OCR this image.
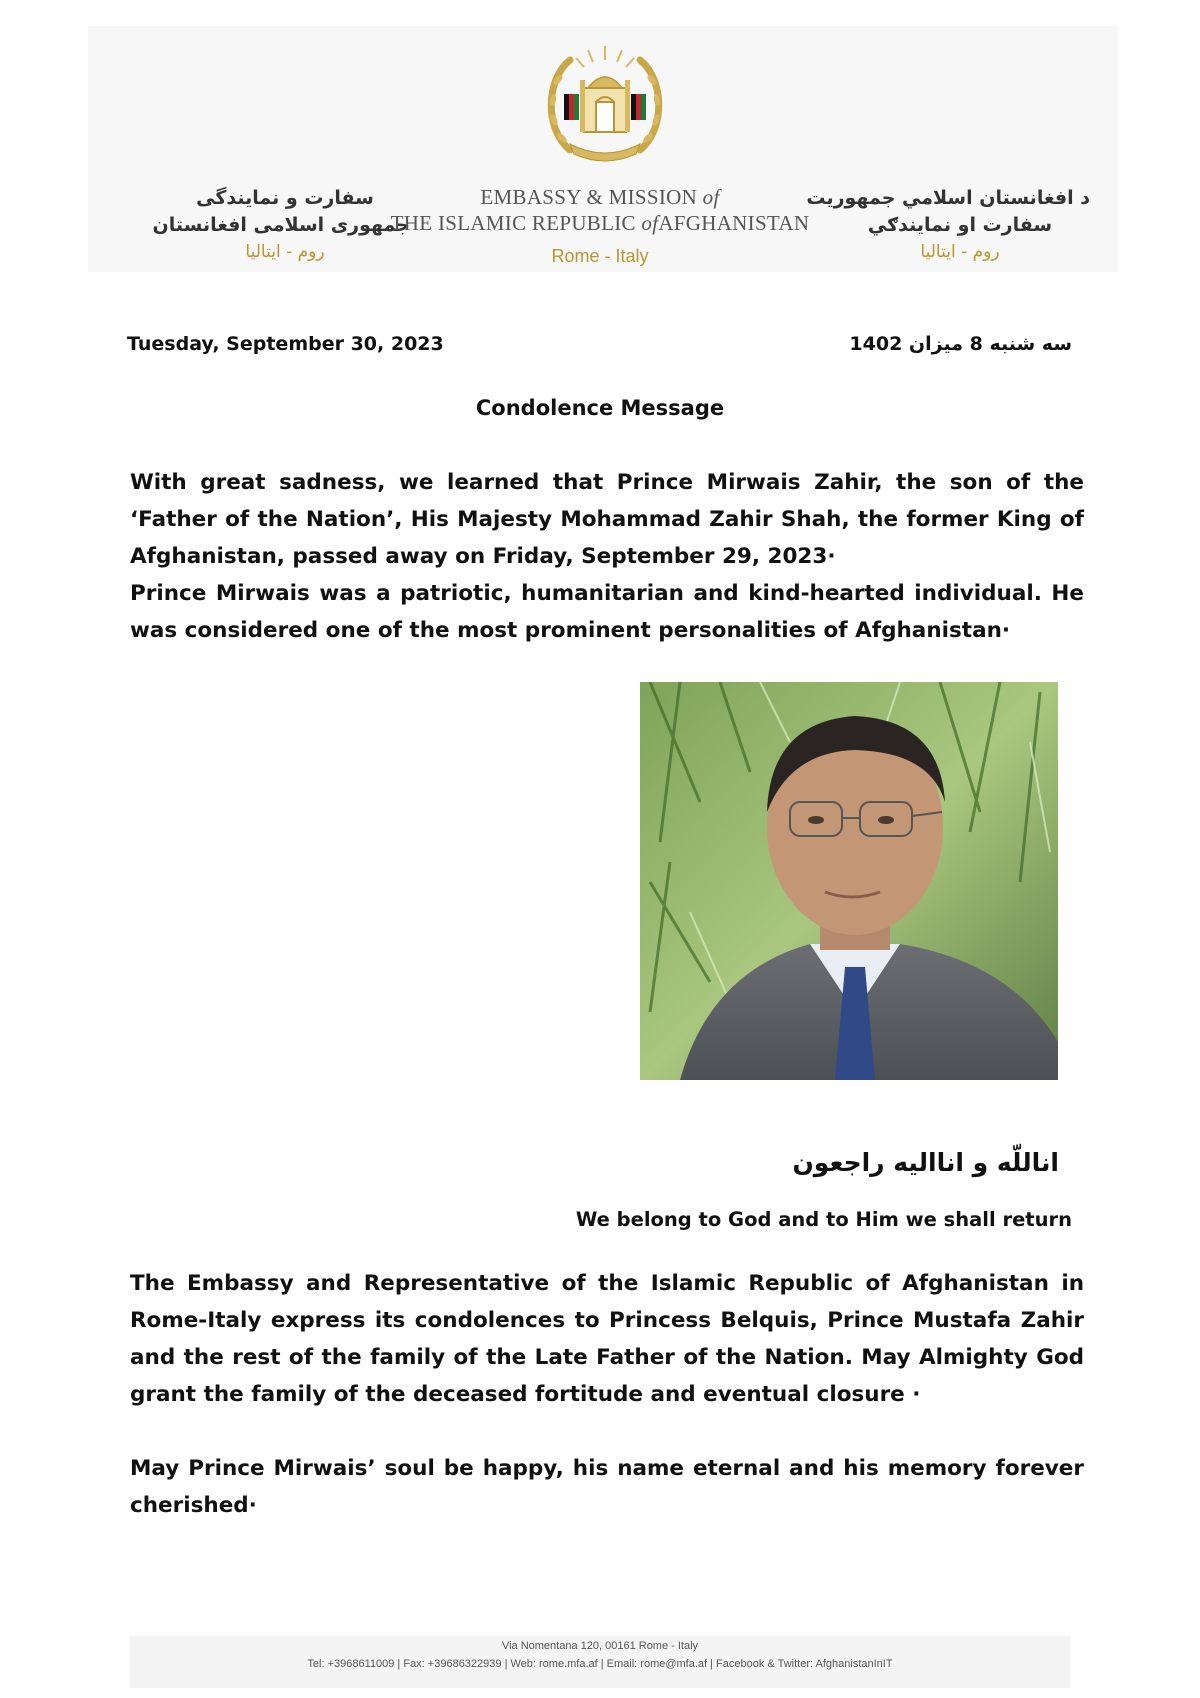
سفارت و نمایندگی
جمهوری اسلامی افغانستان
روم - ایتالیا
EMBASSY & MISSION of
THE ISLAMIC REPUBLIC ofAFGHANISTAN
Rome - Italy
د افغانستان اسلامي جمهوريت
سفارت او نمایندګي
روم - ایتالیا
Tuesday, September 30, 2023	سه شنبه 8 میزان 1402
Condolence Message
With great sadness, we learned that Prince Mirwais Zahir, the son of the ‘Father of the Nation’, His Majesty Mohammad Zahir Shah, the former King of Afghanistan, passed away on Friday, September 29, 2023·
Prince Mirwais was a patriotic, humanitarian and kind-hearted individual. He was considered one of the most prominent personalities of Afghanistan·
اناللّه و انااليه راجعون
We belong to God and to Him we shall return
The Embassy and Representative of the Islamic Republic of Afghanistan in Rome-Italy express its condolences to Princess Belquis, Prince Mustafa Zahir and the rest of the family of the Late Father of the Nation. May Almighty God grant the family of the deceased fortitude and eventual closure ·
May Prince Mirwais’ soul be happy, his name eternal and his memory forever cherished·
Via Nomentana 120, 00161 Rome - Italy
Tel: +3968611009 | Fax: +39686322939 | Web: rome.mfa.af | Email: rome@mfa.af | Facebook & Twitter: AfghanistanInIT
